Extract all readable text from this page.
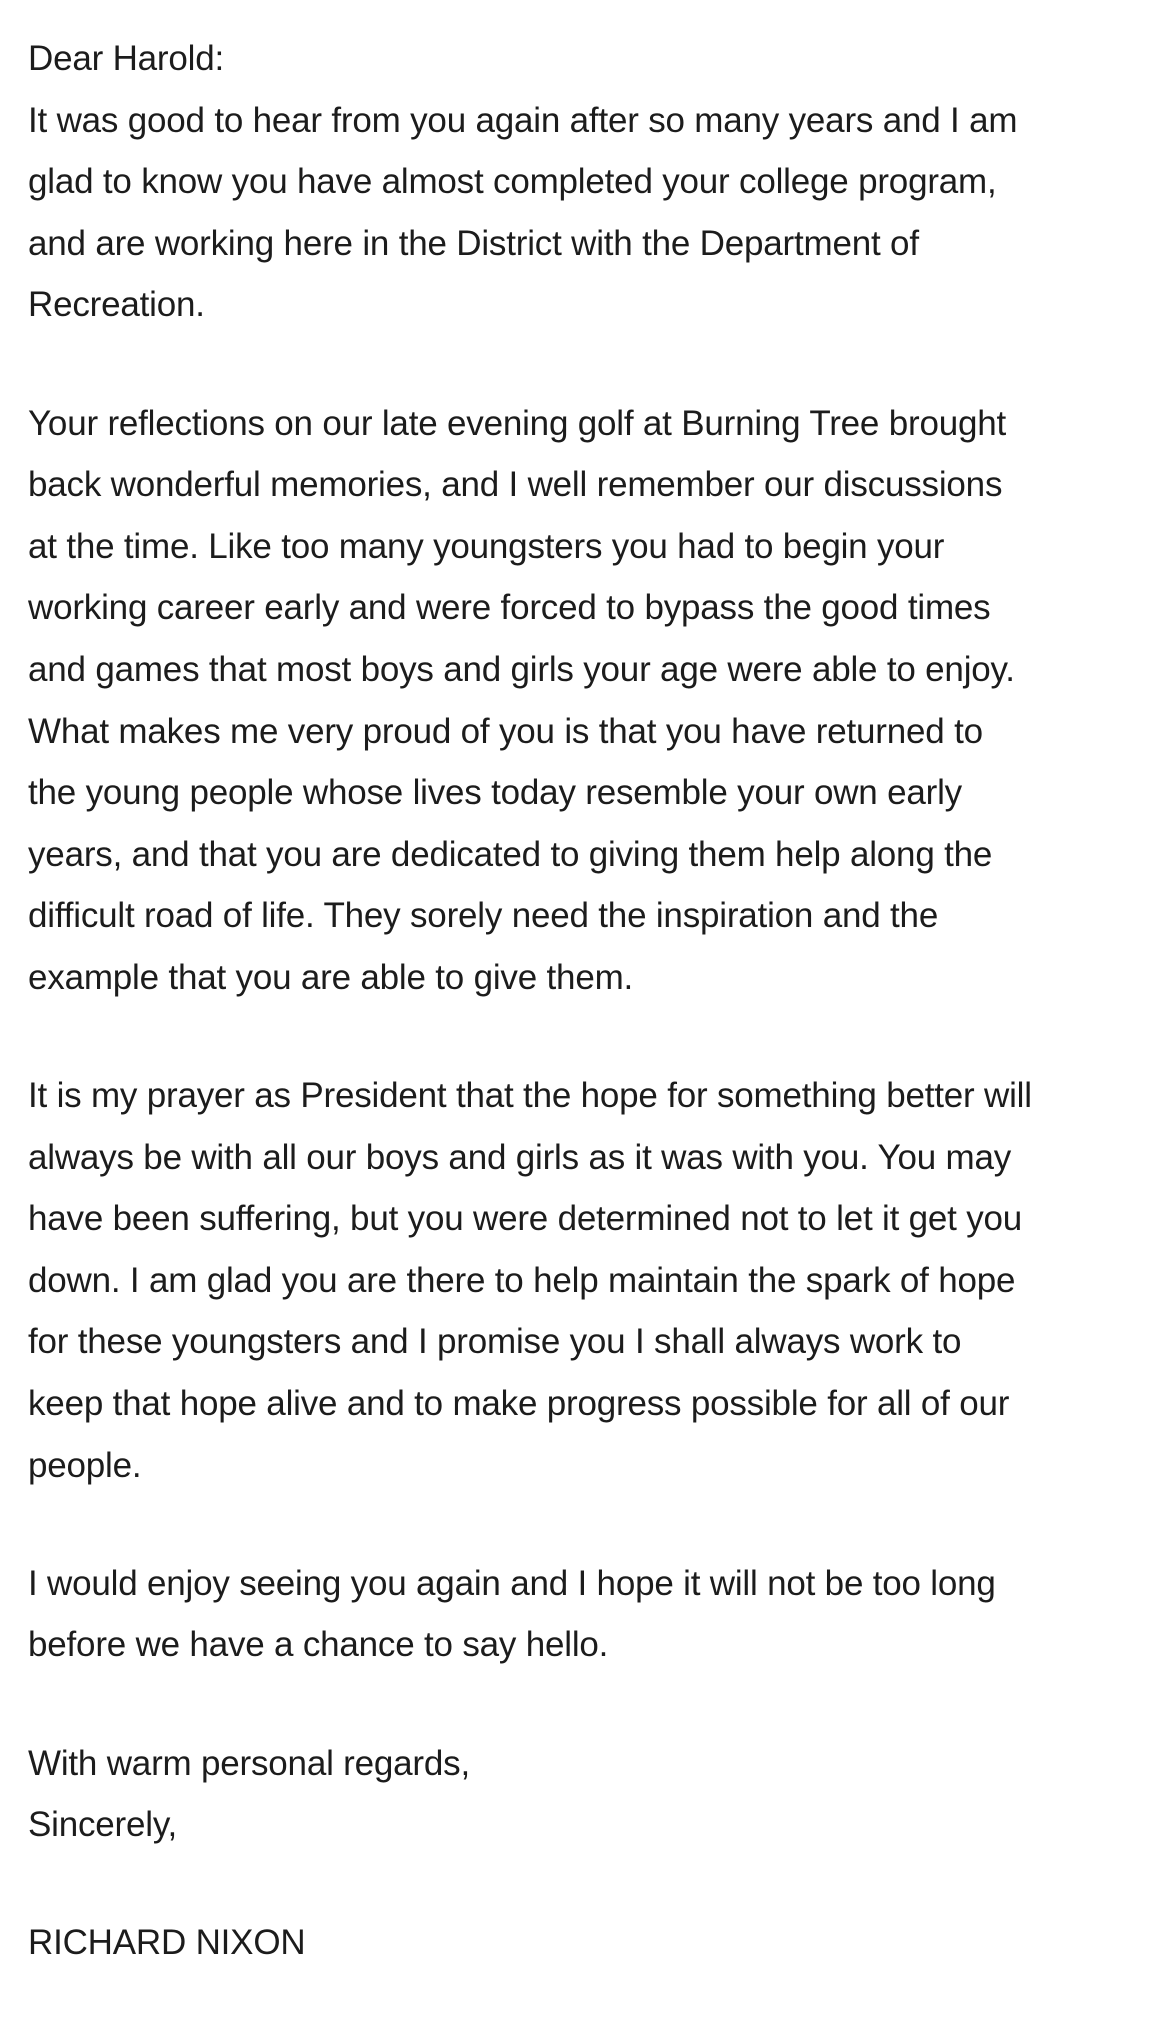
Dear Harold:

It was good to hear from you again after so many years and I am
glad to know you have almost completed your college program,
and are working here in the District with the Department of
Recreation.

Your reflections on our late evening golf at Burning Tree brought
back wonderful memories, and I well remember our discussions
at the time. Like too many youngsters you had to begin your
working career early and were forced to bypass the good times
and games that most boys and girls your age were able to enjoy.
What makes me very proud of you is that you have returned to
the young people whose lives today resemble your own early
years, and that you are dedicated to giving them help along the
difficult road of life. They sorely need the inspiration and the
example that you are able to give them.

It is my prayer as President that the hope for something better will
always be with all our boys and girls as it was with you. You may
have been suffering, but you were determined not to let it get you
down. I am glad you are there to help maintain the spark of hope
for these youngsters and I promise you I shall always work to
keep that hope alive and to make progress possible for all of our
people.

I would enjoy seeing you again and I hope it will not be too long
before we have a chance to say hello.

With warm personal regards,
Sincerely,

RICHARD NIXON
